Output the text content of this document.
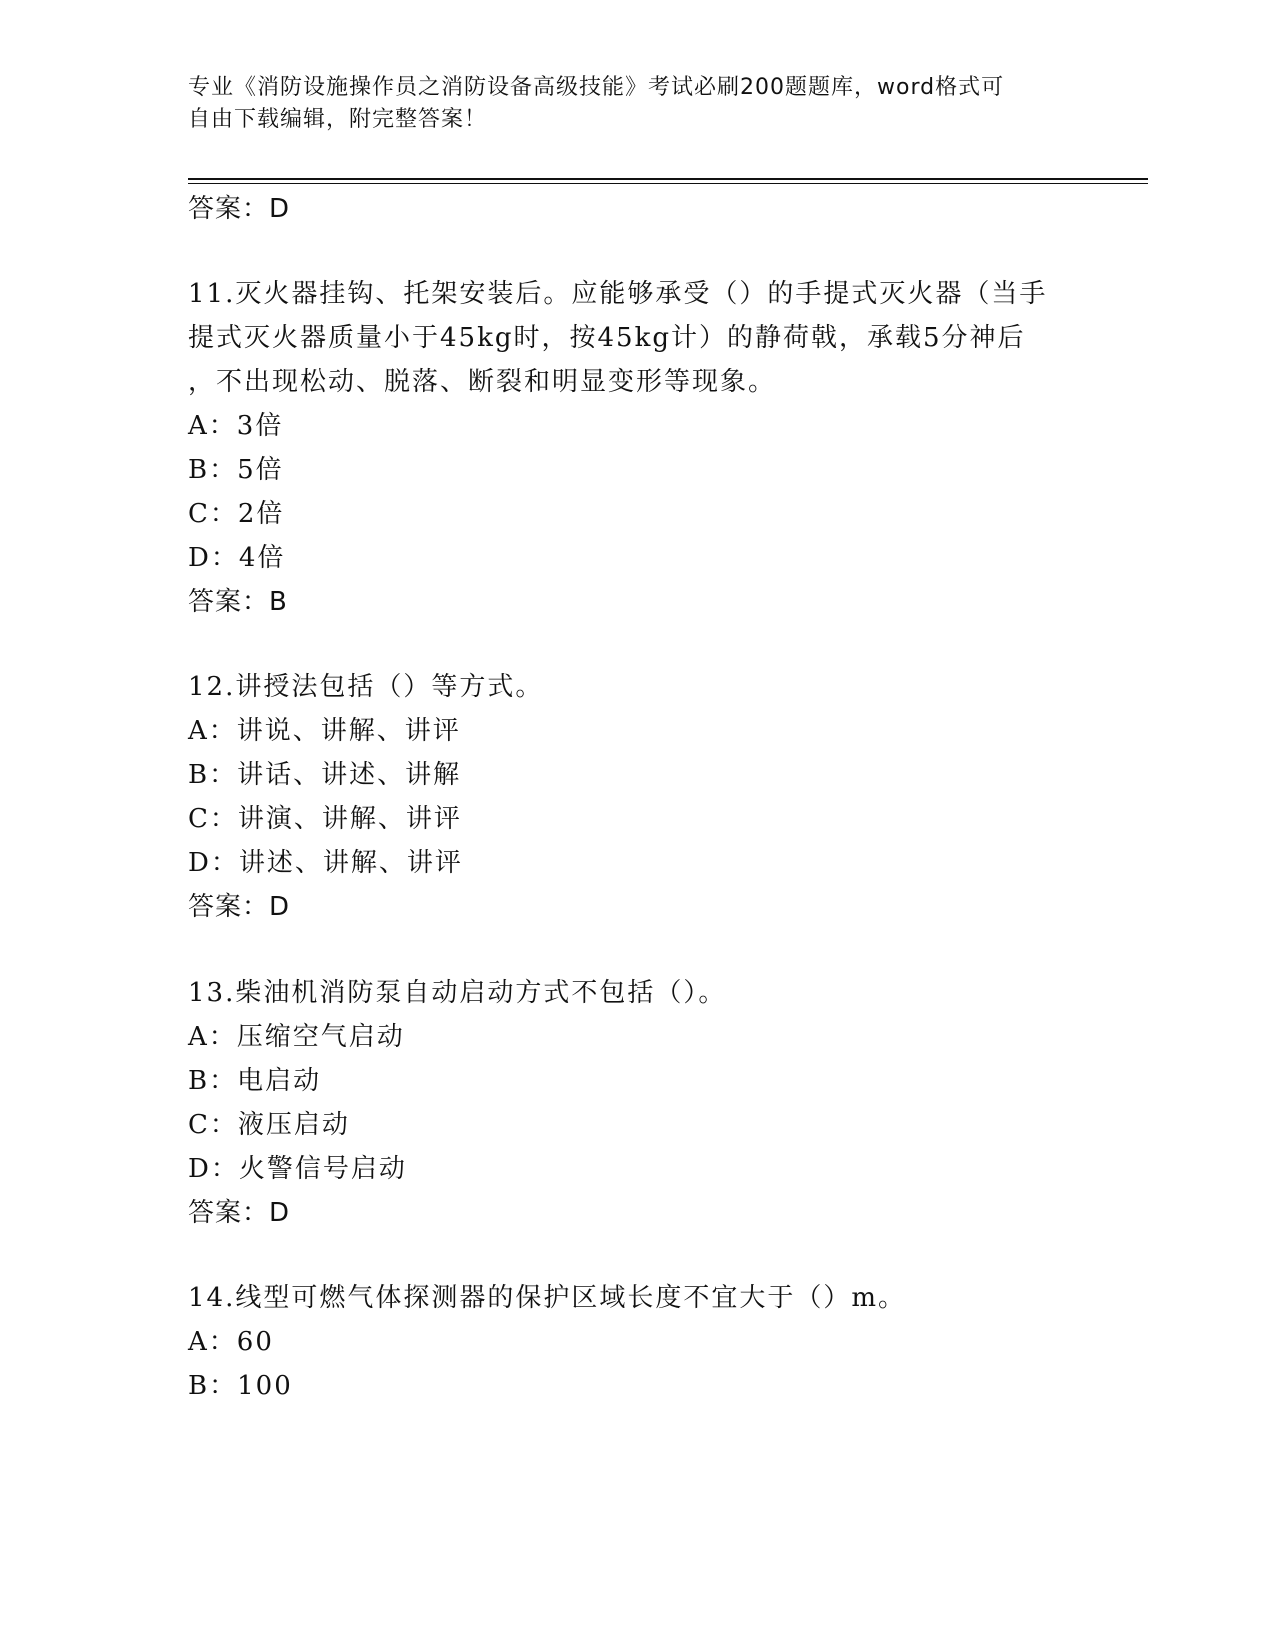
专业《消防设施操作员之消防设备高级技能》考试必刷200题题库，word格式可
自由下载编辑，附完整答案！
答案：D
11.灭火器挂钩、托架安装后。应能够承受（）的手提式灭火器（当手
提式灭火器质量小于45kg时，按45kg计）的静荷戟，承载5分神后
，不出现松动、脱落、断裂和明显变形等现象。
A：3倍
B：5倍
C：2倍
D：4倍
答案：B
12.讲授法包括（）等方式。
A：讲说、讲解、讲评
B：讲话、讲述、讲解
C：讲演、讲解、讲评
D：讲述、讲解、讲评
答案：D
13.柴油机消防泵自动启动方式不包括（）。
A：压缩空气启动
B：电启动
C：液压启动
D：火警信号启动
答案：D
14.线型可燃气体探测器的保护区域长度不宜大于（）m。
A：60
B：100
